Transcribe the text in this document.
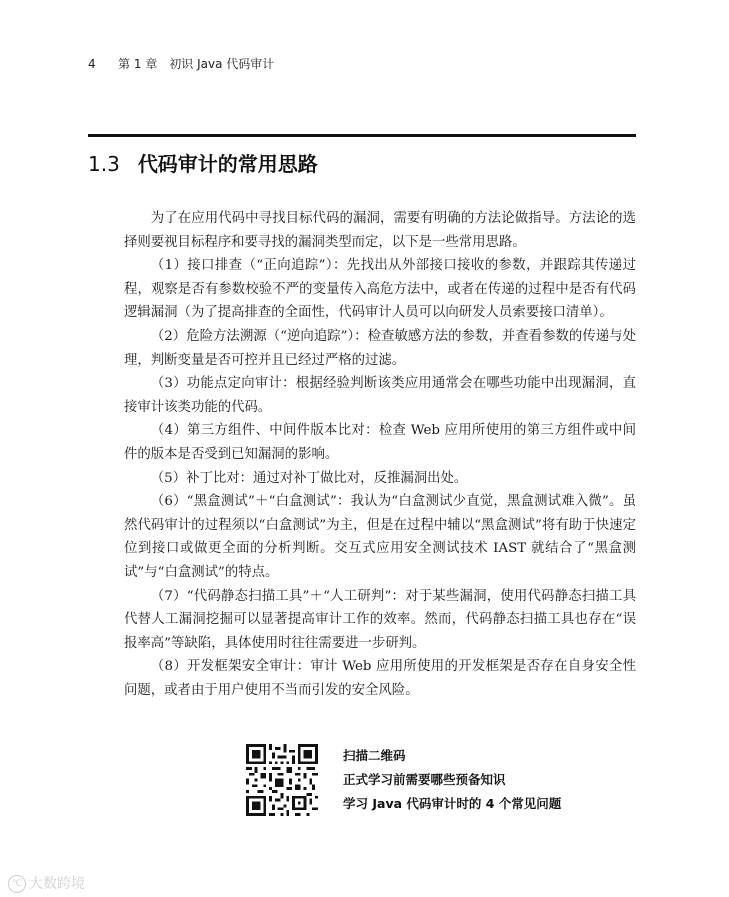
4 第 1 章　初识 Java 代码审计
1.3 代码审计的常用思路

为了在应用代码中寻找目标代码的漏洞，需要有明确的方法论做指导。方法论的选择则要视目标程序和要寻找的漏洞类型而定，以下是一些常用思路。

（1）接口排查（“正向追踪”）：先找出从外部接口接收的参数，并跟踪其传递过程，观察是否有参数校验不严的变量传入高危方法中，或者在传递的过程中是否有代码逻辑漏洞（为了提高排查的全面性，代码审计人员可以向研发人员索要接口清单）。

（2）危险方法溯源（“逆向追踪”）：检查敏感方法的参数，并查看参数的传递与处理，判断变量是否可控并且已经过严格的过滤。

（3）功能点定向审计：根据经验判断该类应用通常会在哪些功能中出现漏洞，直接审计该类功能的代码。

（4）第三方组件、中间件版本比对：检查 Web 应用所使用的第三方组件或中间件的版本是否受到已知漏洞的影响。

（5）补丁比对：通过对补丁做比对，反推漏洞出处。

（6）“黑盒测试”＋“白盒测试”：我认为“白盒测试少直觉，黑盒测试难入微”。虽然代码审计的过程须以“白盒测试”为主，但是在过程中辅以“黑盒测试”将有助于快速定位到接口或做更全面的分析判断。交互式应用安全测试技术 IAST 就结合了“黑盒测试”与“白盒测试”的特点。

（7）“代码静态扫描工具”＋“人工研判”：对于某些漏洞，使用代码静态扫描工具代替人工漏洞挖掘可以显著提高审计工作的效率。然而，代码静态扫描工具也存在“误报率高”等缺陷，具体使用时往往需要进一步研判。

（8）开发框架安全审计：审计 Web 应用所使用的开发框架是否存在自身安全性问题，或者由于用户使用不当而引发的安全风险。

扫描二维码
正式学习前需要哪些预备知识
学习 Java 代码审计时的 4 个常见问题
℃ 大数跨境
